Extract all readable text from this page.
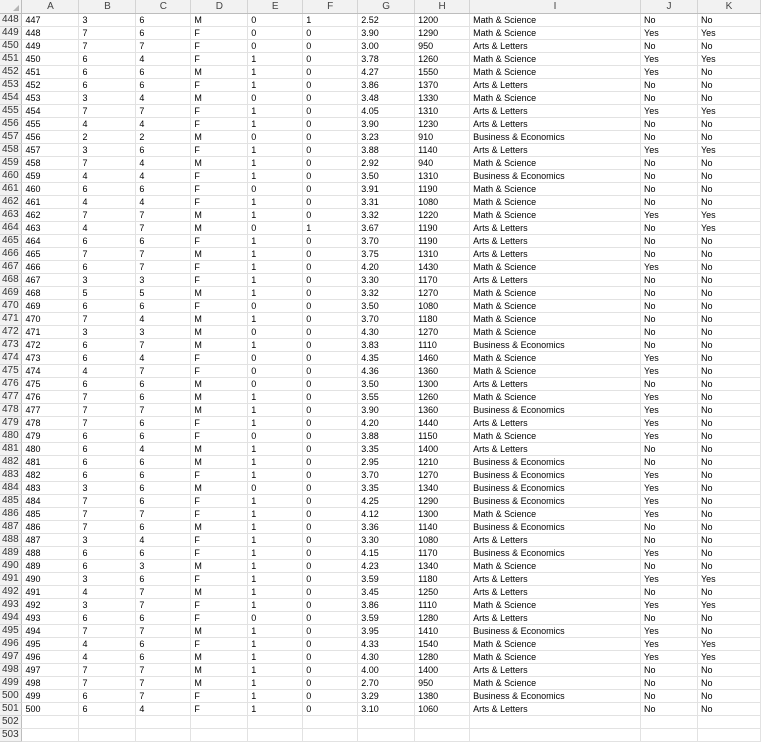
	A	B	C	D	E	F	G	H	I	J	K
448	447	3	6	M	0	1	2.52	1200	Math & Science	No	No
449	448	7	6	F	0	0	3.90	1290	Math & Science	Yes	Yes
450	449	7	7	F	0	0	3.00	950	Arts & Letters	No	No
451	450	6	4	F	1	0	3.78	1260	Math & Science	Yes	Yes
452	451	6	6	M	1	0	4.27	1550	Math & Science	Yes	No
453	452	6	6	F	1	0	3.86	1370	Arts & Letters	No	No
454	453	3	4	M	0	0	3.48	1330	Math & Science	No	No
455	454	7	7	F	1	0	4.05	1310	Arts & Letters	Yes	Yes
456	455	4	4	F	1	0	3.90	1230	Arts & Letters	No	No
457	456	2	2	M	0	0	3.23	910	Business & Economics	No	No
458	457	3	6	F	1	0	3.88	1140	Arts & Letters	Yes	Yes
459	458	7	4	M	1	0	2.92	940	Math & Science	No	No
460	459	4	4	F	1	0	3.50	1310	Business & Economics	No	No
461	460	6	6	F	0	0	3.91	1190	Math & Science	No	No
462	461	4	4	F	1	0	3.31	1080	Math & Science	No	No
463	462	7	7	M	1	0	3.32	1220	Math & Science	Yes	Yes
464	463	4	7	M	0	1	3.67	1190	Arts & Letters	No	Yes
465	464	6	6	F	1	0	3.70	1190	Arts & Letters	No	No
466	465	7	7	M	1	0	3.75	1310	Arts & Letters	No	No
467	466	6	7	F	1	0	4.20	1430	Math & Science	Yes	No
468	467	3	3	F	1	0	3.30	1170	Arts & Letters	No	No
469	468	5	5	M	1	0	3.32	1270	Math & Science	No	No
470	469	6	6	F	0	0	3.50	1080	Math & Science	No	No
471	470	7	4	M	1	0	3.70	1180	Math & Science	No	No
472	471	3	3	M	0	0	4.30	1270	Math & Science	No	No
473	472	6	7	M	1	0	3.83	1110	Business & Economics	No	No
474	473	6	4	F	0	0	4.35	1460	Math & Science	Yes	No
475	474	4	7	F	0	0	4.36	1360	Math & Science	Yes	No
476	475	6	6	M	0	0	3.50	1300	Arts & Letters	No	No
477	476	7	6	M	1	0	3.55	1260	Math & Science	Yes	No
478	477	7	7	M	1	0	3.90	1360	Business & Economics	Yes	No
479	478	7	6	F	1	0	4.20	1440	Arts & Letters	Yes	No
480	479	6	6	F	0	0	3.88	1150	Math & Science	Yes	No
481	480	6	4	M	1	0	3.35	1400	Arts & Letters	No	No
482	481	6	6	M	1	0	2.95	1210	Business & Economics	No	No
483	482	6	6	F	1	0	3.70	1270	Business & Economics	Yes	No
484	483	3	6	M	0	0	3.35	1340	Business & Economics	Yes	No
485	484	7	6	F	1	0	4.25	1290	Business & Economics	Yes	No
486	485	7	7	F	1	0	4.12	1300	Math & Science	Yes	No
487	486	7	6	M	1	0	3.36	1140	Business & Economics	No	No
488	487	3	4	F	1	0	3.30	1080	Arts & Letters	No	No
489	488	6	6	F	1	0	4.15	1170	Business & Economics	Yes	No
490	489	6	3	M	1	0	4.23	1340	Math & Science	No	No
491	490	3	6	F	1	0	3.59	1180	Arts & Letters	Yes	Yes
492	491	4	7	M	1	0	3.45	1250	Arts & Letters	No	No
493	492	3	7	F	1	0	3.86	1110	Math & Science	Yes	Yes
494	493	6	6	F	0	0	3.59	1280	Arts & Letters	No	No
495	494	7	7	M	1	0	3.95	1410	Business & Economics	Yes	No
496	495	4	6	F	1	0	4.33	1540	Math & Science	Yes	Yes
497	496	4	6	M	1	0	4.30	1280	Math & Science	Yes	Yes
498	497	7	7	M	1	0	4.00	1400	Arts & Letters	No	No
499	498	7	7	M	1	0	2.70	950	Math & Science	No	No
500	499	6	7	F	1	0	3.29	1380	Business & Economics	No	No
501	500	6	4	F	1	0	3.10	1060	Arts & Letters	No	No
502											
503											
